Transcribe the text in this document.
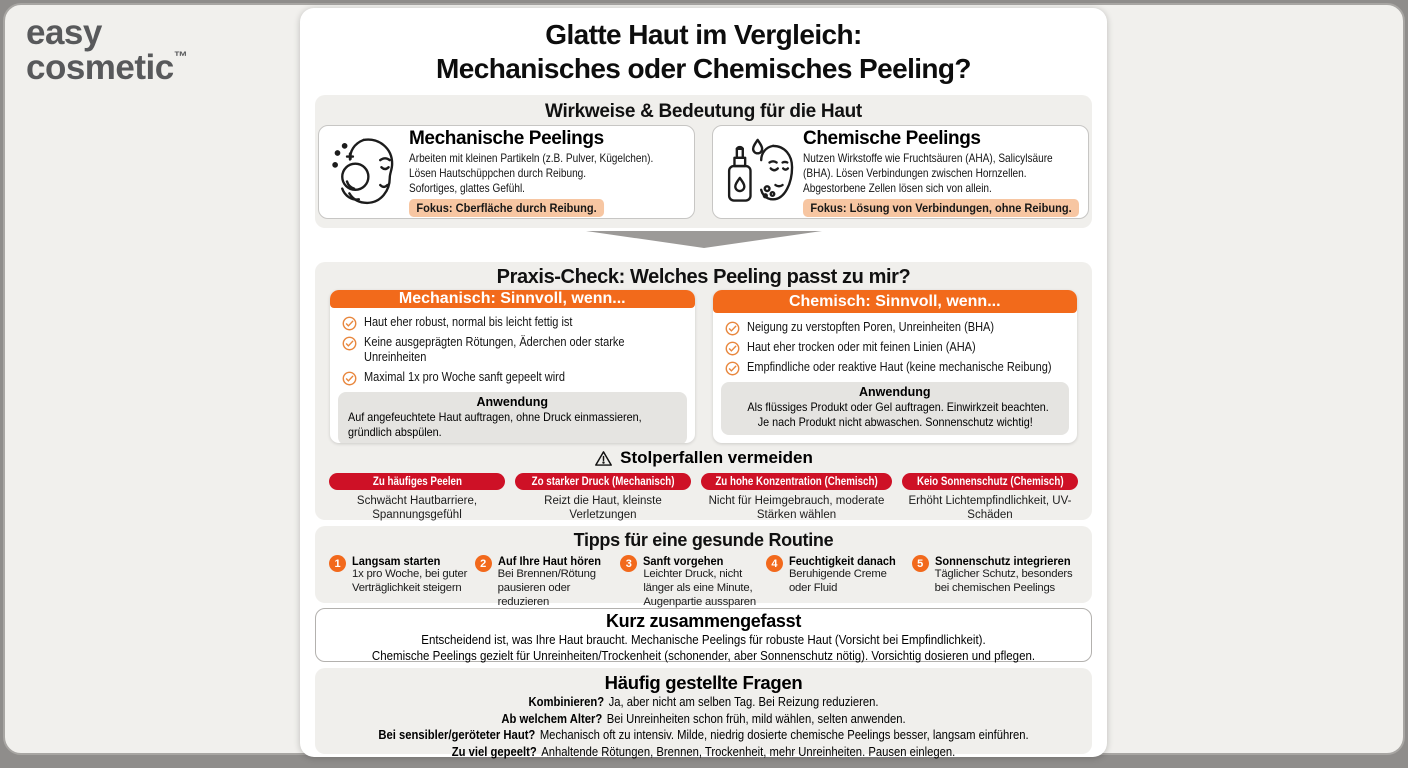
easy
cosmetic™
Glatte Haut im Vergleich:
Mechanisches oder Chemisches Peeling?
Wirkweise & Bedeutung für die Haut
Mechanische Peelings
Arbeiten mit kleinen Partikeln (z.B. Pulver, Kügelchen).
Lösen Hautschüppchen durch Reibung.
Sofortiges, glattes Gefühl.
Fokus: Cberfläche durch Reibung.
Chemische Peelings
Nutzen Wirkstoffe wie Fruchtsäuren (AHA), Salicylsäure
(BHA). Lösen Verbindungen zwischen Hornzellen.
Abgestorbene Zellen lösen sich von allein.
Fokus: Lösung von Verbindungen, ohne Reibung.
Praxis-Check: Welches Peeling passt zu mir?
Mechanisch: Sinnvoll, wenn...
Haut eher robust, normal bis leicht fettig ist
Keine ausgeprägten Rötungen, Äderchen oder starke
Unreinheiten
Maximal 1x pro Woche sanft gepeelt wird
Anwendung
Auf angefeuchtete Haut auftragen, ohne Druck einmassieren,
gründlich abspülen.
Chemisch: Sinnvoll, wenn...
Neigung zu verstopften Poren, Unreinheiten (BHA)
Haut eher trocken oder mit feinen Linien (AHA)
Empfindliche oder reaktive Haut (keine mechanische Reibung)
Anwendung
Als flüssiges Produkt oder Gel auftragen. Einwirkzeit beachten.
Je nach Produkt nicht abwaschen. Sonnenschutz wichtig!
Stolperfallen vermeiden
Zu häufiges Peelen
Schwächt Hautbarriere, Spannungsgefühl
Zo starker Druck (Mechanisch)
Reizt die Haut, kleinste Verletzungen
Zu hohe Konzentration (Chemisch)
Nicht für Heimgebrauch, moderate Stärken wählen
Keio Sonnenschutz (Chemisch)
Erhöht Lichtempfindlichkeit, UV-Schäden
Tipps für eine gesunde Routine
1 Langsam starten
1x pro Woche, bei guter Verträglichkeit steigern
2 Auf Ihre Haut hören
Bei Brennen/Rötung pausieren oder reduzieren
3 Sanft vorgehen
Leichter Druck, nicht länger als eine Minute, Augenpartie aussparen
4 Feuchtigkeit danach
Beruhigende Creme oder Fluid
5 Sonnenschutz integrieren
Täglicher Schutz, besonders bei chemischen Peelings
Kurz zusammengefasst
Entscheidend ist, was Ihre Haut braucht. Mechanische Peelings für robuste Haut (Vorsicht bei Empfindlichkeit).
Chemische Peelings gezielt für Unreinheiten/Trockenheit (schonender, aber Sonnenschutz nötig). Vorsichtig dosieren und pflegen.
Häufig gestellte Fragen
Kombinieren? Ja, aber nicht am selben Tag. Bei Reizung reduzieren.
Ab welchem Alter? Bei Unreinheiten schon früh, mild wählen, selten anwenden.
Bei sensibler/geröteter Haut? Mechanisch oft zu intensiv. Milde, niedrig dosierte chemische Peelings besser, langsam einführen.
Zu viel gepeelt? Anhaltende Rötungen, Brennen, Trockenheit, mehr Unreinheiten. Pausen einlegen.
